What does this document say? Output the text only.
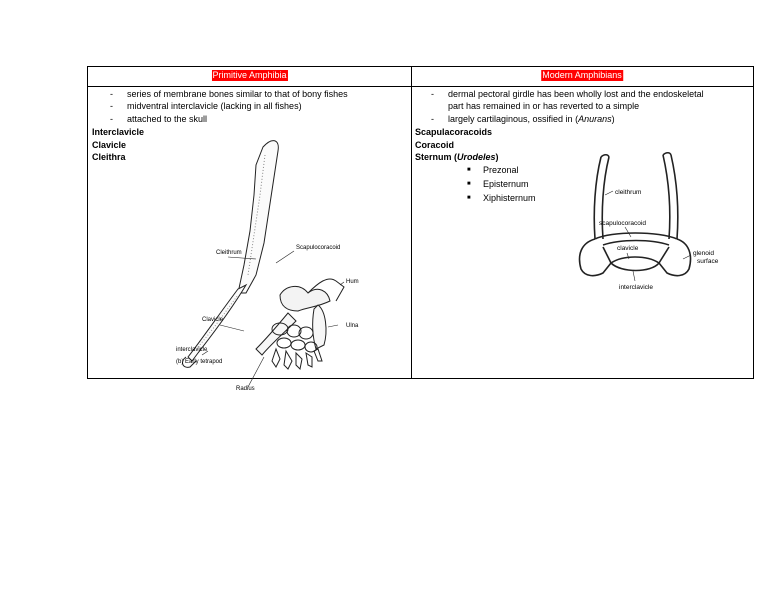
Primitive Amphibia
- series of membrane bones similar to that of bony fishes
- midventral interclavicle (lacking in all fishes)
- attached to the skull
Interclavicle
Clavicle
Cleithra
Cleithrum
Scapulocoracoid
Hum
Ulna
Clavicle
interclavicle
Radius
(b) Early tetrapod
Modern Amphibians
- dermal pectoral girdle has been wholly lost and the endoskeletal
part has remained in or has reverted to a simple
- largely cartilaginous, ossified in (Anurans)
Scapulacoracoids
Coracoid
Sternum (Urodeles)
■ Prezonal
■ Episternum
■ Xiphisternum
cleithrum
scapulocoracoid
clavicle
glenoid
surface
interclavicle
